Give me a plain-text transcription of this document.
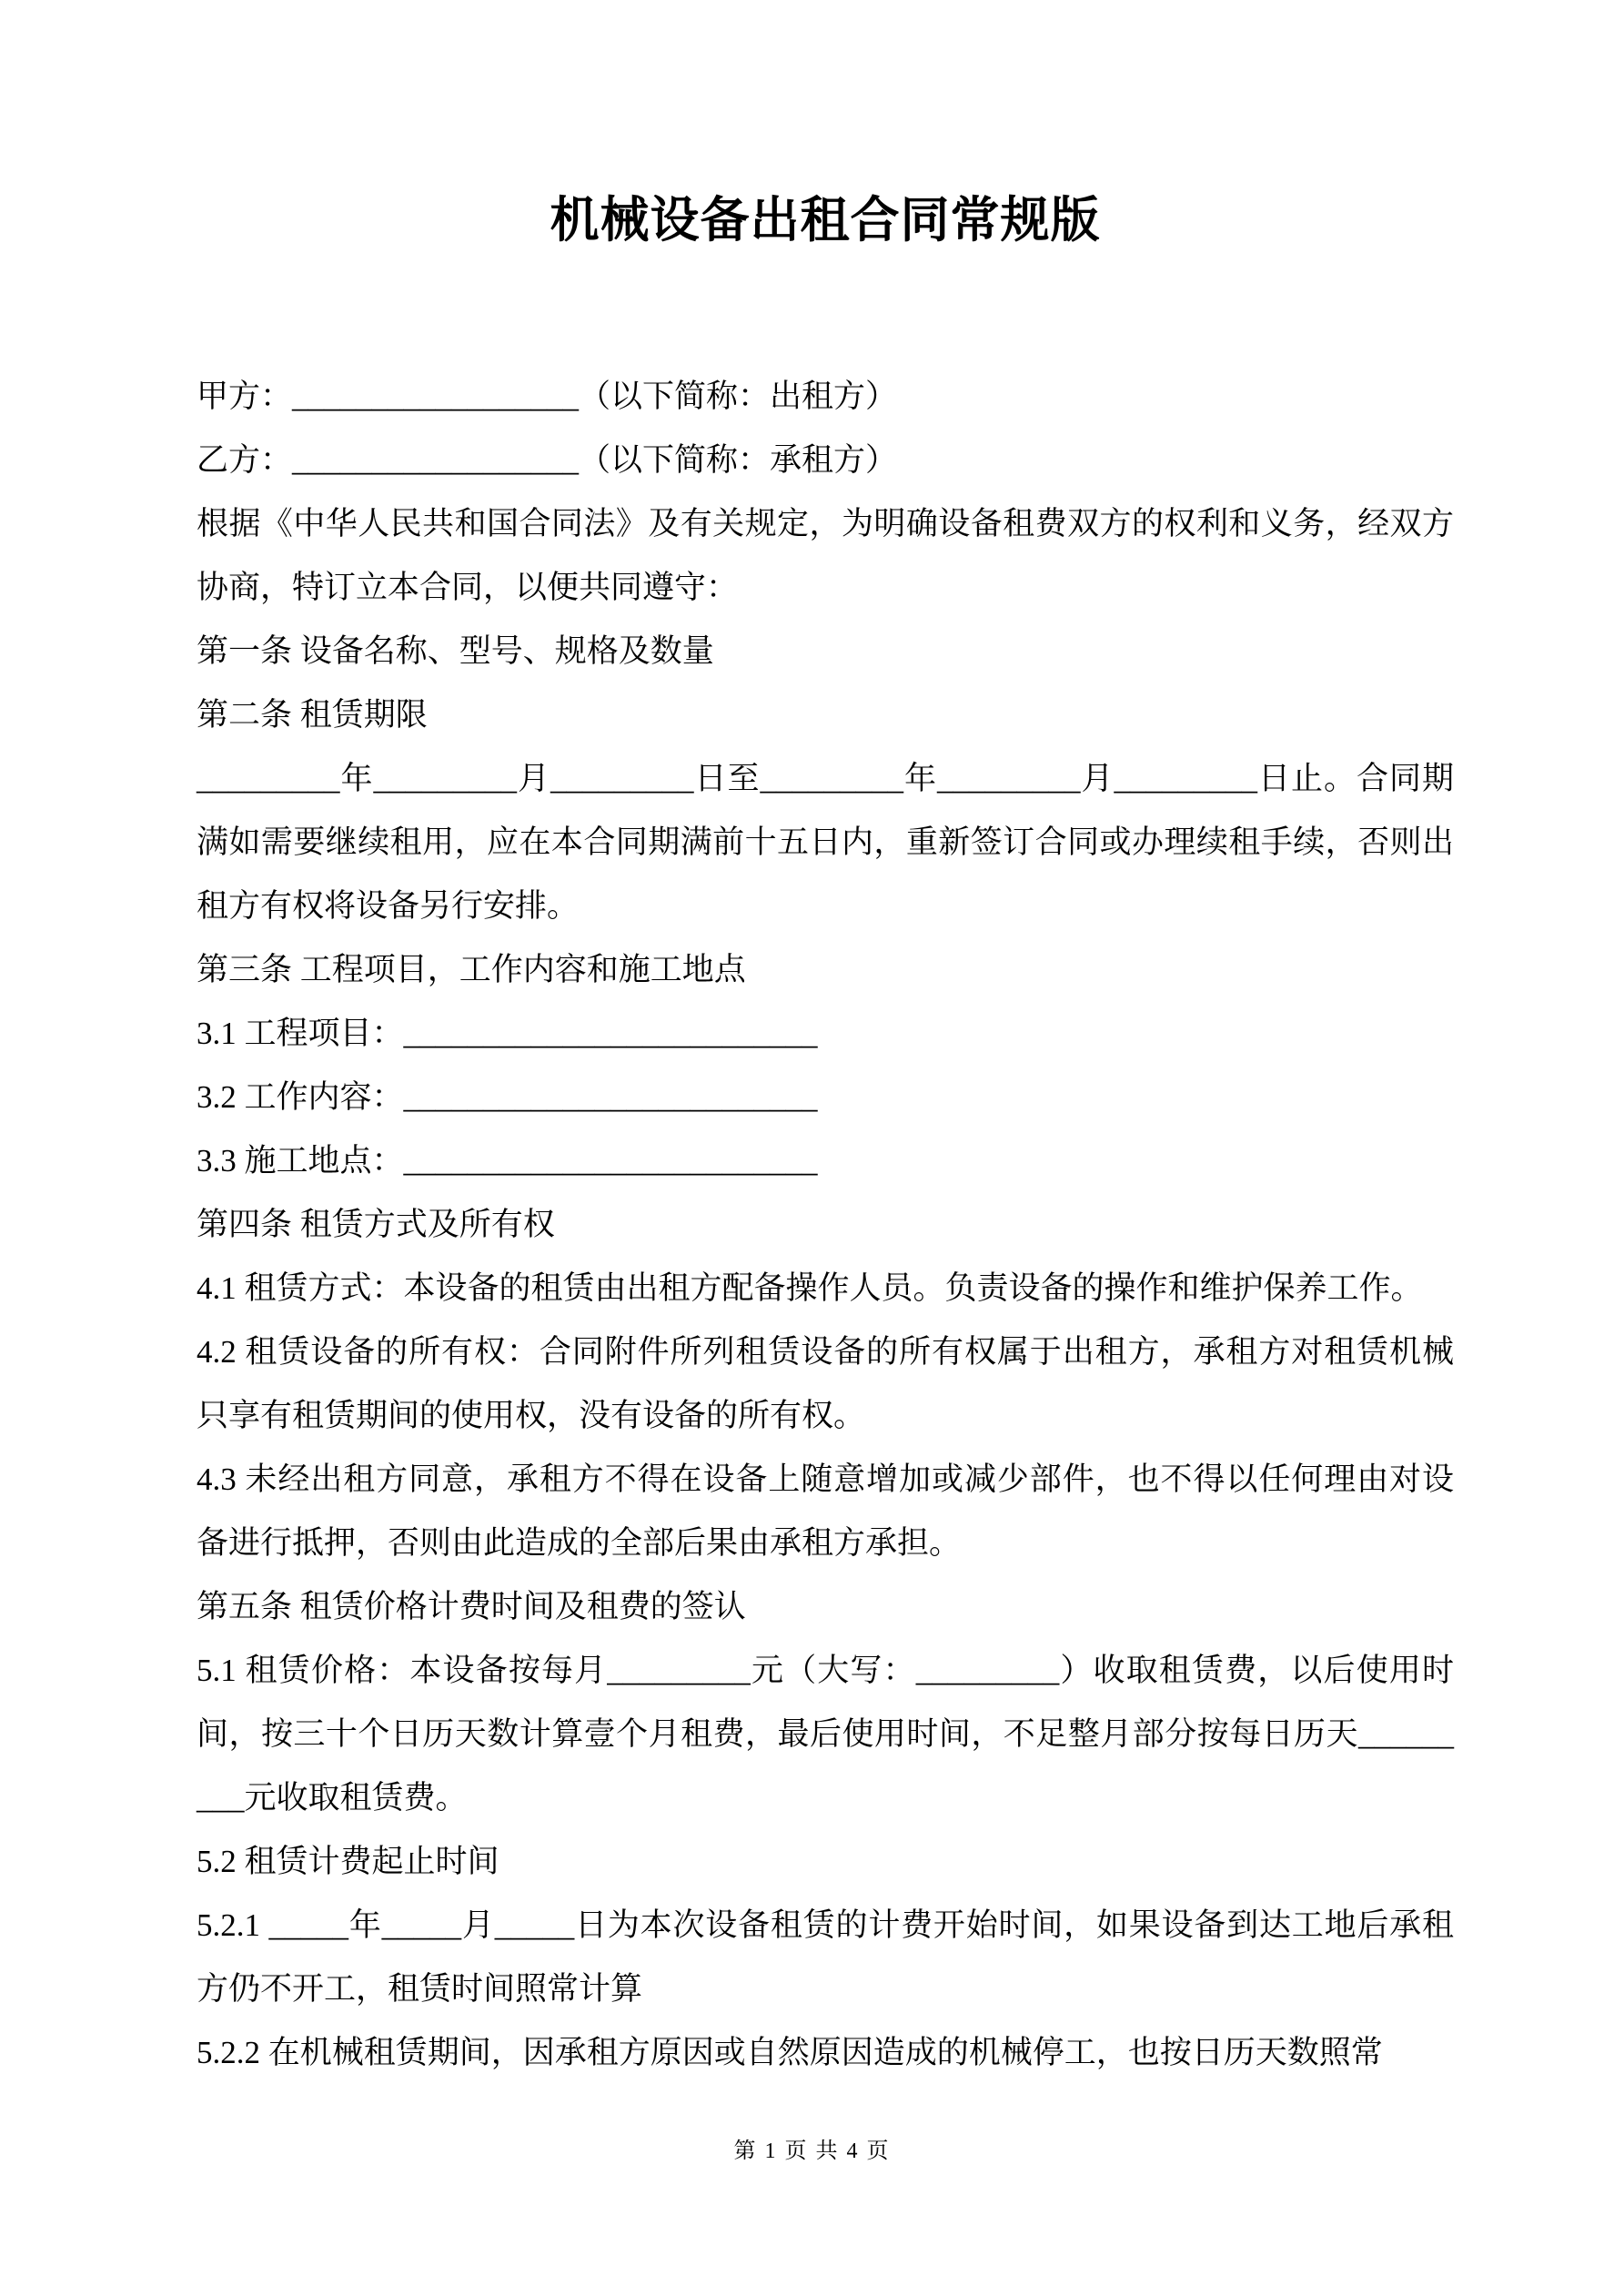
机械设备出租合同常规版

甲方：__________________（以下简称：出租方）

乙方：__________________（以下简称：承租方）

根据《中华人民共和国合同法》及有关规定，为明确设备租费双方的权利和义务，经双方协商，特订立本合同，以便共同遵守：

第一条 设备名称、型号、规格及数量

第二条 租赁期限

_________年_________月_________日至_________年_________月_________日止。合同期满如需要继续租用，应在本合同期满前十五日内，重新签订合同或办理续租手续，否则出租方有权将设备另行安排。

第三条 工程项目，工作内容和施工地点

3.1 工程项目：__________________________

3.2 工作内容：__________________________

3.3 施工地点：__________________________

第四条 租赁方式及所有权

4.1 租赁方式：本设备的租赁由出租方配备操作人员。负责设备的操作和维护保养工作。

4.2 租赁设备的所有权：合同附件所列租赁设备的所有权属于出租方，承租方对租赁机械只享有租赁期间的使用权，没有设备的所有权。

4.3 未经出租方同意，承租方不得在设备上随意增加或减少部件，也不得以任何理由对设备进行抵押，否则由此造成的全部后果由承租方承担。

第五条 租赁价格计费时间及租费的签认

5.1 租赁价格：本设备按每月_________元（大写：_________）收取租赁费，以后使用时间，按三十个日历天数计算壹个月租费，最后使用时间，不足整月部分按每日历天_________元收取租赁费。

5.2 租赁计费起止时间

5.2.1 _____年_____月_____日为本次设备租赁的计费开始时间，如果设备到达工地后承租方仍不开工，租赁时间照常计算

5.2.2 在机械租赁期间，因承租方原因或自然原因造成的机械停工，也按日历天数照常

第 1 页 共 4 页
